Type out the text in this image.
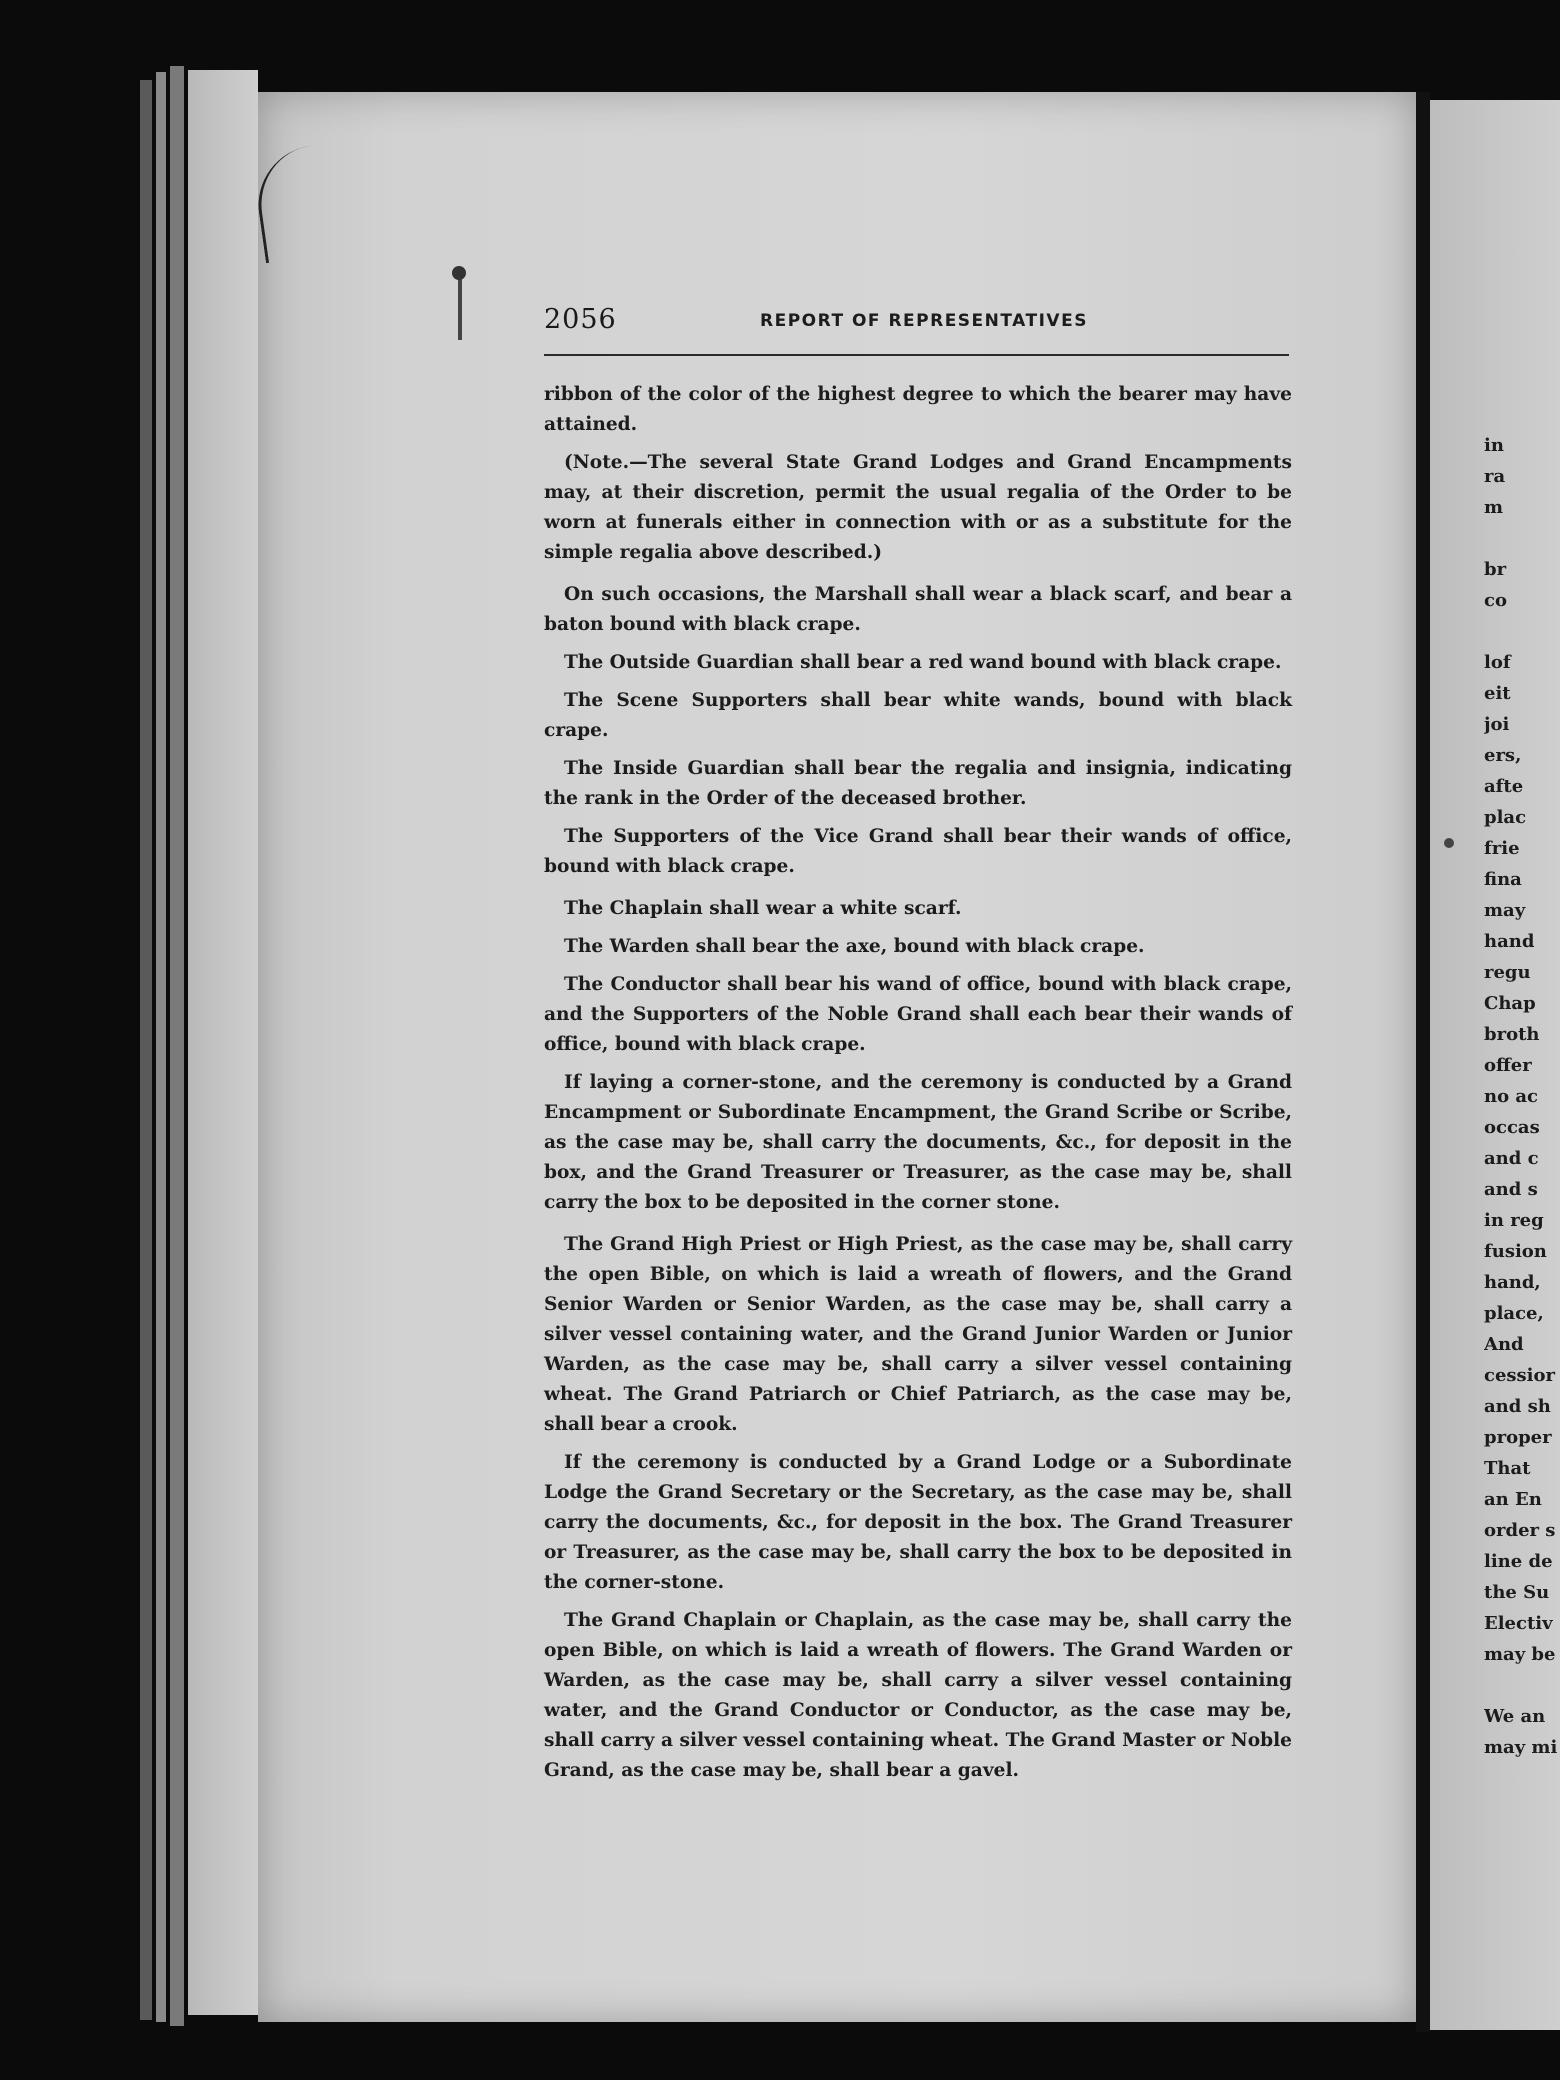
2056	REPORT OF REPRESENTATIVES

ribbon of the color of the highest degree to which the bearer may have attained.

(Note.—The several State Grand Lodges and Grand Encampments may, at their discretion, permit the usual regalia of the Order to be worn at funerals either in connection with or as a substitute for the simple regalia above described.)

On such occasions, the Marshall shall wear a black scarf, and bear a baton bound with black crape.

The Outside Guardian shall bear a red wand bound with black crape.

The Scene Supporters shall bear white wands, bound with black crape.

The Inside Guardian shall bear the regalia and insignia, indicating the rank in the Order of the deceased brother.

The Supporters of the Vice Grand shall bear their wands of office, bound with black crape.

The Chaplain shall wear a white scarf.

The Warden shall bear the axe, bound with black crape.

The Conductor shall bear his wand of office, bound with black crape, and the Supporters of the Noble Grand shall each bear their wands of office, bound with black crape.

If laying a corner-stone, and the ceremony is conducted by a Grand Encampment or Subordinate Encampment, the Grand Scribe or Scribe, as the case may be, shall carry the documents, &c., for deposit in the box, and the Grand Treasurer or Treasurer, as the case may be, shall carry the box to be deposited in the corner stone.

The Grand High Priest or High Priest, as the case may be, shall carry the open Bible, on which is laid a wreath of flowers, and the Grand Senior Warden or Senior Warden, as the case may be, shall carry a silver vessel containing water, and the Grand Junior Warden or Junior Warden, as the case may be, shall carry a silver vessel containing wheat. The Grand Patriarch or Chief Patriarch, as the case may be, shall bear a crook.

If the ceremony is conducted by a Grand Lodge or a Subordinate Lodge the Grand Secretary or the Secretary, as the case may be, shall carry the documents, &c., for deposit in the box. The Grand Treasurer or Treasurer, as the case may be, shall carry the box to be deposited in the corner-stone.

The Grand Chaplain or Chaplain, as the case may be, shall carry the open Bible, on which is laid a wreath of flowers. The Grand Warden or Warden, as the case may be, shall carry a silver vessel containing water, and the Grand Conductor or Conductor, as the case may be, shall carry a silver vessel containing wheat. The Grand Master or Noble Grand, as the case may be, shall bear a gavel.

in
ra
m
br
co
lof
eit
joi
ers,
afte
plac
frie
fina
may
hand
regu
Chap
broth
offer
no ac
occas
and c
and s
in reg
fusion
hand,
place,
And
cessior
and sh
proper
That
an En
order s
line de
the Su
Electiv
may be
We an
may mi
